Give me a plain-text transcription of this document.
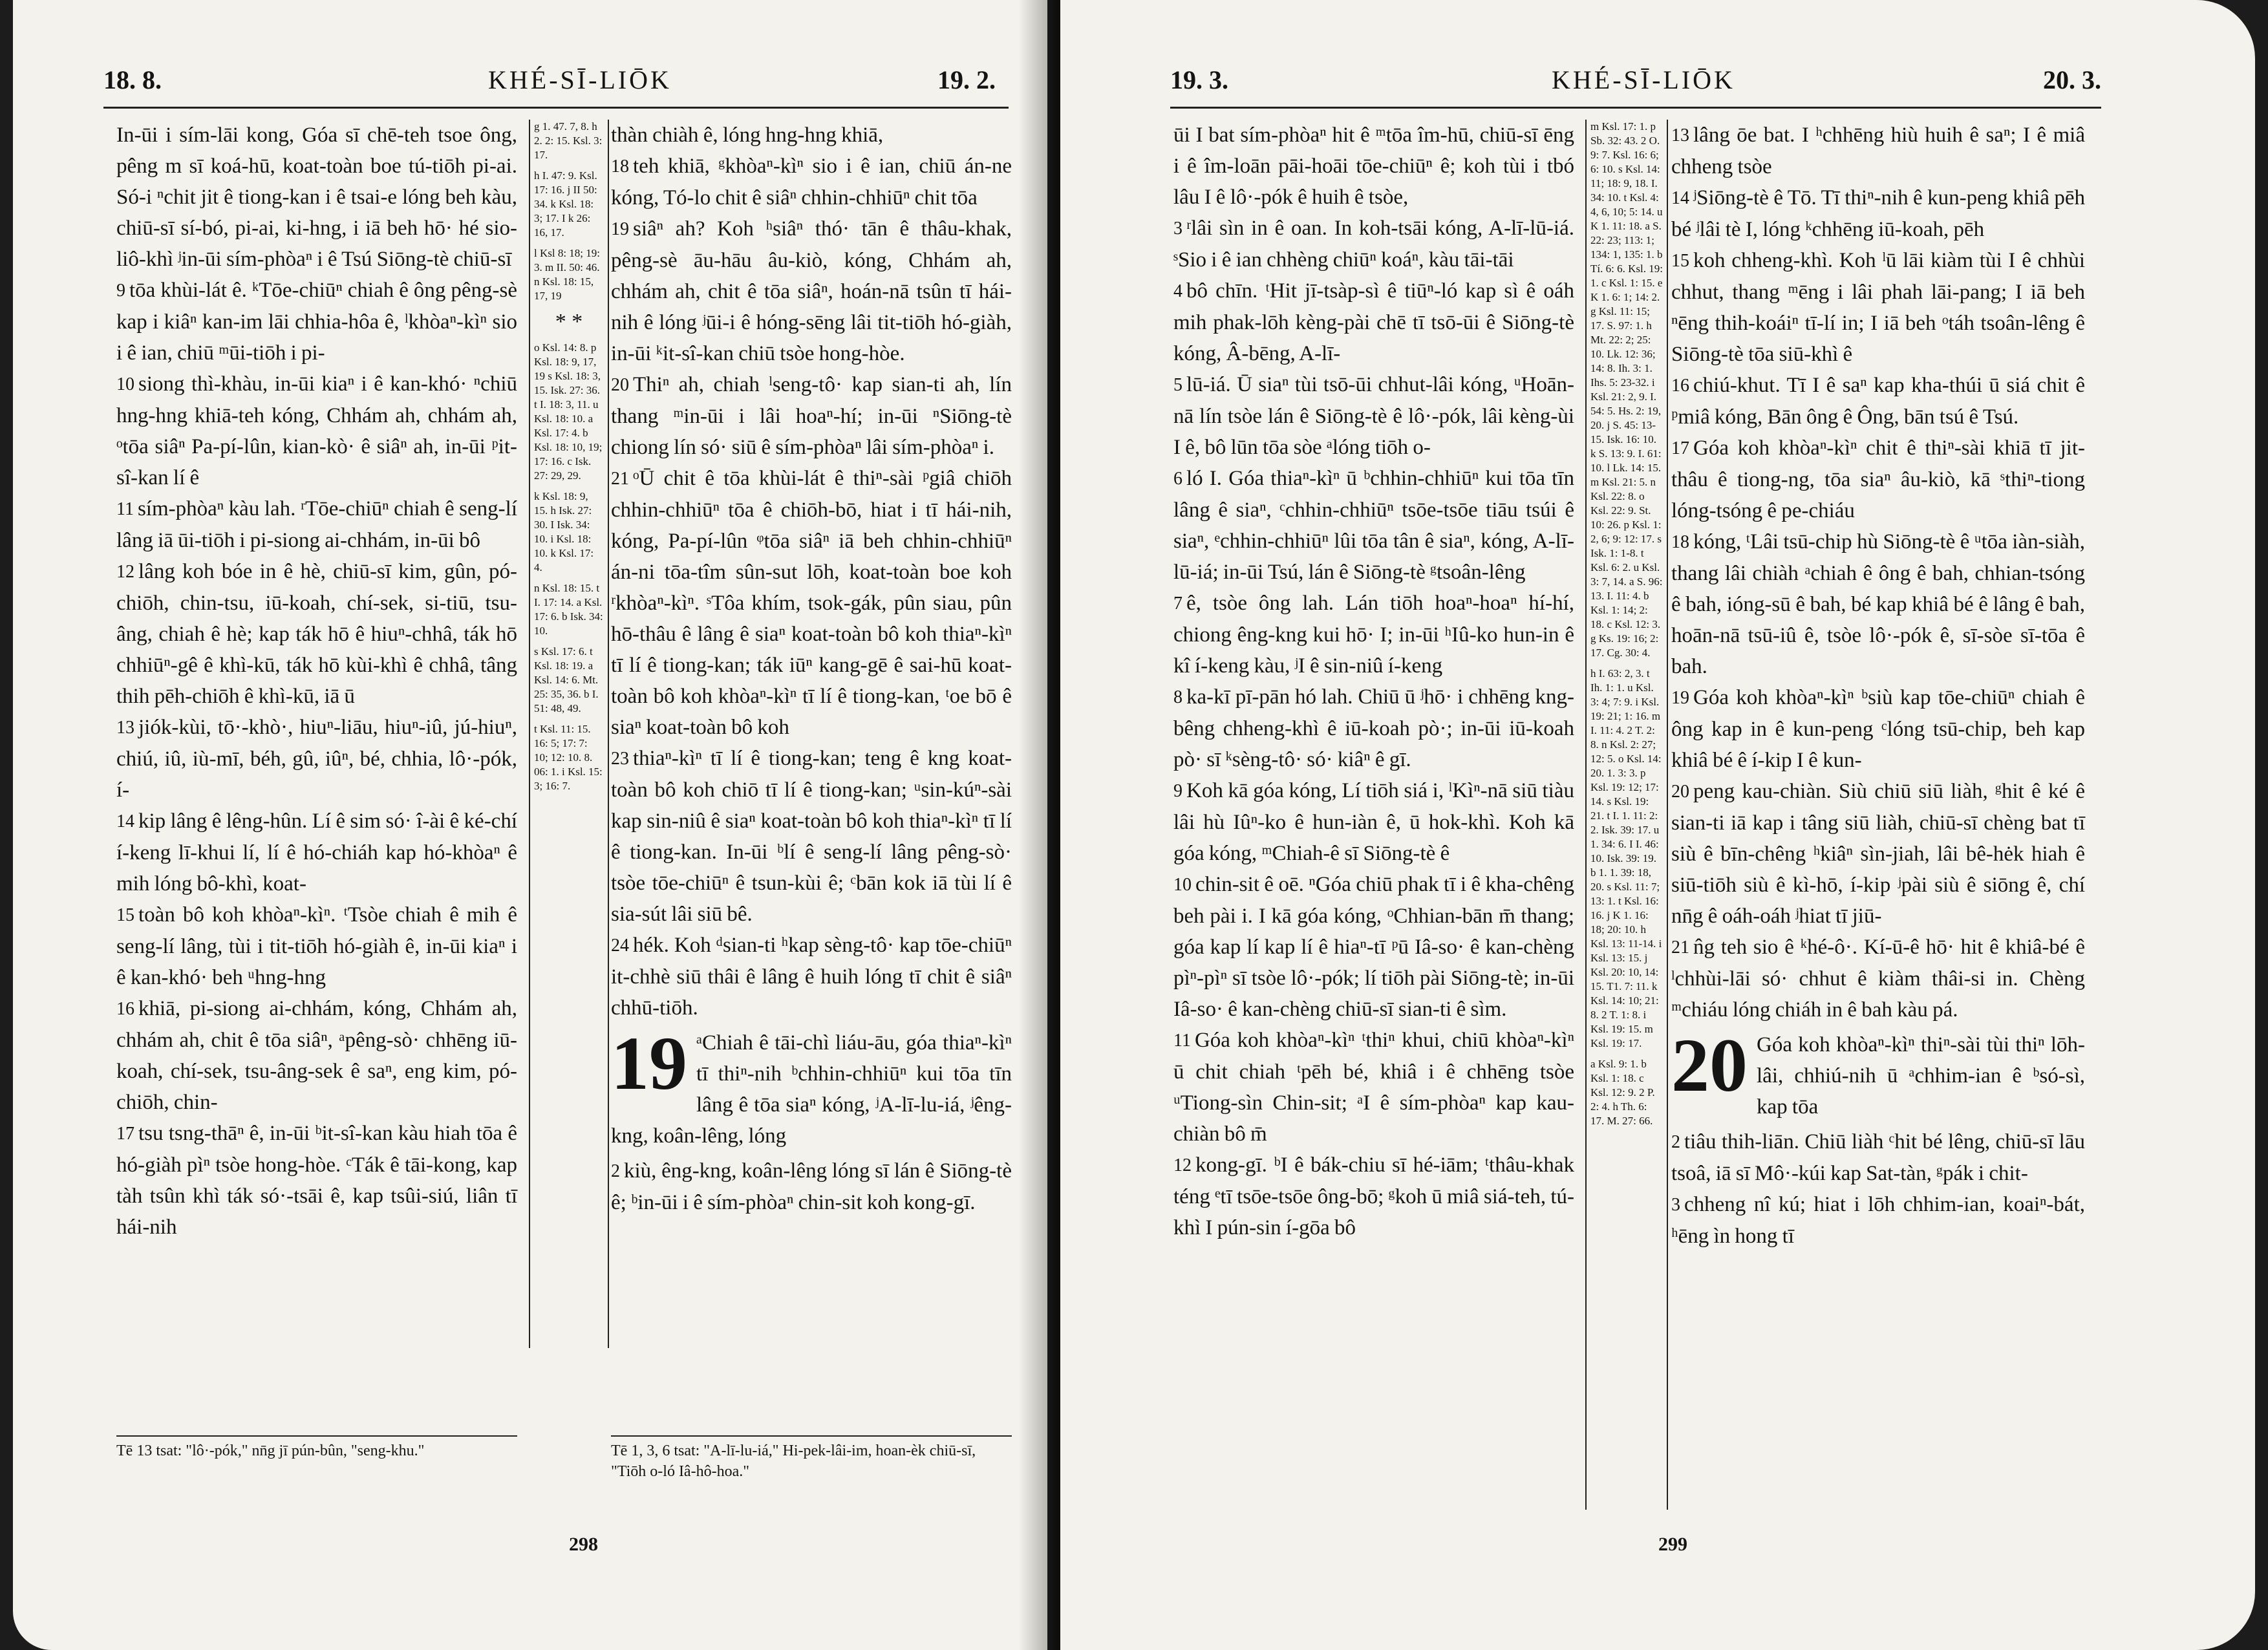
18. 8.	KHÉ-SĪ-LIŌK	19. 2.

In-ūi i sím-lāi kong, Góa sī chē-teh tsoe ông, pêng m sī koá-hū, koat-toàn boe tú-tiōh pi-ai. Só-i ⁿchit jit ê tiong-kan i ê tsai-e lóng beh kàu, chiū-sī sí-bó, pi-ai, ki-hng, i iā beh hō· hé sio-liô-khì ʲin-ūi sím-phòaⁿ i ê Tsú Siōng-tè chiū-sī

9 tōa khùi-lát ê. ᵏTōe-chiūⁿ chiah ê ông pêng-sè kap i kiâⁿ kan-im lāi chhia-hôa ê, ˡkhòaⁿ-kìⁿ sio i ê ian, chiū ᵐūi-tiōh i pi-

10 siong thì-khàu, in-ūi kiaⁿ i ê kan-khó· ⁿchiū hng-hng khiā-teh kóng, Chhám ah, chhám ah, ᵒtōa siâⁿ Pa-pí-lûn, kian-kò· ê siâⁿ ah, in-ūi ᵖit-sî-kan lí ê

11 sím-phòaⁿ kàu lah. ʳTōe-chiūⁿ chiah ê seng-lí lâng iā ūi-tiōh i pi-siong ai-chhám, in-ūi bô

12 lâng koh bóe in ê hè, chiū-sī kim, gûn, pó-chiōh, chin-tsu, iū-koah, chí-sek, si-tiū, tsu-âng, chiah ê hè; kap ták hō ê hiuⁿ-chhâ, ták hō chhiūⁿ-gê ê khì-kū, ták hō kùi-khì ê chhâ, tâng thih pēh-chiōh ê khì-kū, iā ū

13 jiók-kùi, tō·-khò·, hiuⁿ-liāu, hiuⁿ-iû, jú-hiuⁿ, chiú, iû, iù-mī, béh, gû, iûⁿ, bé, chhia, lô·-pók, í-

14 kip lâng ê lêng-hûn. Lí ê sim só· î-ài ê ké-chí í-keng lī-khui lí, lí ê hó-chiáh kap hó-khòaⁿ ê mih lóng bô-khì, koat-

15 toàn bô koh khòaⁿ-kìⁿ. ᵗTsòe chiah ê mih ê seng-lí lâng, tùi i tit-tiōh hó-giàh ê, in-ūi kiaⁿ i ê kan-khó· beh ᵘhng-hng

16 khiā, pi-siong ai-chhám, kóng, Chhám ah, chhám ah, chit ê tōa siâⁿ, ᵃpêng-sò· chhēng iū-koah, chí-sek, tsu-âng-sek ê saⁿ, eng kim, pó-chiōh, chin-

17 tsu tsng-thāⁿ ê, in-ūi ᵇit-sî-kan kàu hiah tōa ê hó-giàh pìⁿ tsòe hong-hòe. ᶜTák ê tāi-kong, kap tàh tsûn khì ták só·-tsāi ê, kap tsûi-siú, liân tī hái-nih

g 1. 47. 7, 8. h 2. 2: 15. Ksl. 3: 17.

h I. 47: 9. Ksl. 17: 16. j II 50: 34. k Ksl. 18: 3; 17. I k 26: 16, 17.

l Ksl 8: 18; 19: 3. m II. 50: 46. n Ksl. 18: 15, 17, 19

* *

o Ksl. 14: 8. p Ksl. 18: 9, 17, 19 s Ksl. 18: 3, 15. Isk. 27: 36. t I. 18: 3, 11. u Ksl. 18: 10. a Ksl. 17: 4. b Ksl. 18: 10, 19; 17: 16. c Isk. 27: 29, 29.

k Ksl. 18: 9, 15. h Isk. 27: 30. I Isk. 34: 10. i Ksl. 18: 10. k Ksl. 17: 4.

n Ksl. 18: 15. t I. 17: 14. a Ksl. 17: 6. b Isk. 34: 10.

s Ksl. 17: 6. t Ksl. 18: 19. a Ksl. 14: 6. Mt. 25: 35, 36. b I. 51: 48, 49.

t Ksl. 11: 15. 16: 5; 17: 7: 10; 12: 10. 8. 06: 1. i Ksl. 15: 3; 16: 7.

thàn chiàh ê, lóng hng-hng khiā,

18 teh khiā, ᵍkhòaⁿ-kìⁿ sio i ê ian, chiū án-ne kóng, Tó-lo chit ê siâⁿ chhin-chhiūⁿ chit tōa

19 siâⁿ ah? Koh ʰsiâⁿ thó· tān ê thâu-khak, pêng-sè āu-hāu âu-kiò, kóng, Chhám ah, chhám ah, chit ê tōa siâⁿ, hoán-nā tsûn tī hái-nih ê lóng ʲūi-i ê hóng-sēng lâi tit-tiōh hó-giàh, in-ūi ᵏit-sî-kan chiū tsòe hong-hòe.

20 Thiⁿ ah, chiah ˡseng-tô· kap sian-ti ah, lín thang ᵐin-ūi i lâi hoaⁿ-hí; in-ūi ⁿSiōng-tè chiong lín só· siū ê sím-phòaⁿ lâi sím-phòaⁿ i.

21 ᵒŪ chit ê tōa khùi-lát ê thiⁿ-sài ᵖgiâ chiōh chhin-chhiūⁿ tōa ê chiōh-bō, hiat i tī hái-nih, kóng, Pa-pí-lûn ᵠtōa siâⁿ iā beh chhin-chhiūⁿ án-ni tōa-tîm sûn-sut lōh, koat-toàn boe koh ʳkhòaⁿ-kìⁿ. ˢTôa khím, tsok-gák, pûn siau, pûn hō-thâu ê lâng ê siaⁿ koat-toàn bô koh thiaⁿ-kìⁿ tī lí ê tiong-kan; ták iūⁿ kang-gē ê sai-hū koat-toàn bô koh khòaⁿ-kìⁿ tī lí ê tiong-kan, ᵗoe bō ê siaⁿ koat-toàn bô koh

23 thiaⁿ-kìⁿ tī lí ê tiong-kan; teng ê kng koat-toàn bô koh chiō tī lí ê tiong-kan; ᵘsin-kúⁿ-sài kap sin-niû ê siaⁿ koat-toàn bô koh thiaⁿ-kìⁿ tī lí ê tiong-kan. In-ūi ᵇlí ê seng-lí lâng pêng-sò· tsòe tōe-chiūⁿ ê tsun-kùi ê; ᶜbān kok iā tùi lí ê sia-sút lâi siū bê.

24 hék. Koh ᵈsian-ti ʰkap sèng-tô· kap tōe-chiūⁿ it-chhè siū thâi ê lâng ê huih lóng tī chit ê siâⁿ chhū-tiōh.

19 ᵃChiah ê tāi-chì liáu-āu, góa thiaⁿ-kìⁿ tī thiⁿ-nih ᵇchhin-chhiūⁿ kui tōa tīn lâng ê tōa siaⁿ kóng, ʲA-lī-lu-iá, ʲêng-kng, koân-lêng, lóng

2 kiù, êng-kng, koân-lêng lóng sī lán ê Siōng-tè ê; ᵇin-ūi i ê sím-phòaⁿ chin-sit koh kong-gī.

Tē 13 tsat: "lô·-pók," nn̄g jī pún-bûn, "seng-khu."	Tē 1, 3, 6 tsat: "A-lī-lu-iá," Hi-pek-lâi-im, hoan-èk chiū-sī, "Tiōh o-ló Iâ-hô-hoa."
298
19. 3.	KHÉ-SĪ-LIŌK	20. 3.

ūi I bat sím-phòaⁿ hit ê ᵐtōa îm-hū, chiū-sī ēng i ê îm-loān pāi-hoāi tōe-chiūⁿ ê; koh tùi i tbó lâu I ê lô·-pók ê huih ê tsòe,

3 ʳlâi sìn in ê oan. In koh-tsāi kóng, A-lī-lū-iá. ˢSio i ê ian chhèng chiūⁿ koáⁿ, kàu tāi-tāi

4 bô chīn. ᵗHit jī-tsàp-sì ê tiūⁿ-ló kap sì ê oáh mih phak-lōh kèng-pài chē tī tsō-ūi ê Siōng-tè kóng, Â-bēng, A-lī-

5 lū-iá. Ū siaⁿ tùi tsō-ūi chhut-lâi kóng, ᵘHoān-nā lín tsòe lán ê Siōng-tè ê lô·-pók, lâi kèng-ùi I ê, bô lūn tōa sòe ᵃlóng tiōh o-

6 ló I. Góa thiaⁿ-kìⁿ ū ᵇchhin-chhiūⁿ kui tōa tīn lâng ê siaⁿ, ᶜchhin-chhiūⁿ tsōe-tsōe tiāu tsúi ê siaⁿ, ᵉchhin-chhiūⁿ lûi tōa tân ê siaⁿ, kóng, A-lī-lū-iá; in-ūi Tsú, lán ê Siōng-tè ᵍtsoân-lêng

7 ê, tsòe ông lah. Lán tiōh hoaⁿ-hoaⁿ hí-hí, chiong êng-kng kui hō· I; in-ūi ʰIû-ko hun-in ê kî í-keng kàu, ʲI ê sin-niû í-keng

8 ka-kī pī-pān hó lah. Chiū ū ʲhō· i chhēng kng-bêng chheng-khì ê iū-koah pò·; in-ūi iū-koah pò· sī ᵏsèng-tô· só· kiâⁿ ê gī.

9 Koh kā góa kóng, Lí tiōh siá i, ˡKìⁿ-nā siū tiàu lâi hù Iûⁿ-ko ê hun-iàn ê, ū hok-khì. Koh kā góa kóng, ᵐChiah-ê sī Siōng-tè ê

10 chin-sit ê oē. ⁿGóa chiū phak tī i ê kha-chêng beh pài i. I kā góa kóng, ᵒChhian-bān m̄ thang; góa kap lí kap lí ê hiaⁿ-tī ᵖū Iâ-so· ê kan-chèng pìⁿ-pìⁿ sī tsòe lô·-pók; lí tiōh pài Siōng-tè; in-ūi Iâ-so· ê kan-chèng chiū-sī sian-ti ê sìm.

11 Góa koh khòaⁿ-kìⁿ ᵗthiⁿ khui, chiū khòaⁿ-kìⁿ ū chit chiah ᵗpēh bé, khiâ i ê chhēng tsòe ᵘTiong-sìn Chin-sit; ᵃI ê sím-phòaⁿ kap kau-chiàn bô m̄

12 kong-gī. ᵇI ê bák-chiu sī hé-iām; ᵗthâu-khak téng ᵉtī tsōe-tsōe ông-bō; ᵍkoh ū miâ siá-teh, tú-khì I pún-sin í-gōa bô

m Ksl. 17: 1. p Sb. 32: 43. 2 O. 9: 7. Ksl. 16: 6; 6: 10. s Ksl. 14: 11; 18: 9, 18. I. 34: 10. t Ksl. 4: 4, 6, 10; 5: 14. u K 1. 11: 18. a S. 22: 23; 113: 1; 134: 1, 135: 1. b Tí. 6: 6. Ksl. 19: 1. c Ksl. 1: 15. e K 1. 6: 1; 14: 2. g Ksl. 11: 15; 17. S. 97: 1. h Mt. 22: 2; 25: 10. Lk. 12: 36; 14: 8. Ih. 3: 1. Ihs. 5: 23-32. i Ksl. 21: 2, 9. I. 54: 5. Hs. 2: 19, 20. j S. 45: 13-15. Isk. 16: 10. k S. 13: 9. I. 61: 10. l Lk. 14: 15. m Ksl. 21: 5. n Ksl. 22: 8. o Ksl. 22: 9. St. 10: 26. p Ksl. 1: 2, 6; 9: 12: 17. s Isk. 1: 1-8. t Ksl. 6: 2. u Ksl. 3: 7, 14. a S. 96: 13. I. 11: 4. b Ksl. 1: 14; 2: 18. c Ksl. 12: 3. g Ks. 19: 16; 2: 17. Cg. 30: 4.

h I. 63: 2, 3. t Ih. 1: 1. u Ksl. 3: 4; 7: 9. i Ksl. 19: 21; 1: 16. m I. 11: 4. 2 T. 2: 8. n Ksl. 2: 27; 12: 5. o Ksl. 14: 20. 1. 3: 3. p Ksl. 19: 12; 17: 14. s Ksl. 19: 21. t I. 1. 11: 2: 2. Isk. 39: 17. u 1. 34: 6. I I. 46: 10. Isk. 39: 19. b 1. 1. 39: 18, 20. s Ksl. 11: 7; 13: 1. t Ksl. 16: 16. j K 1. 16: 18; 20: 10. h Ksl. 13: 11-14. i Ksl. 13: 15. j Ksl. 20: 10, 14: 15. T1. 7: 11. k Ksl. 14: 10; 21: 8. 2 T. 1: 8. i Ksl. 19: 15. m Ksl. 19: 17.

a Ksl. 9: 1. b Ksl. 1: 18. c Ksl. 12: 9. 2 P. 2: 4. h Th. 6: 17. M. 27: 66.

13 lâng ōe bat. I ʰchhēng hiù huih ê saⁿ; I ê miâ chheng tsòe

14 ʲSiōng-tè ê Tō. Tī thiⁿ-nih ê kun-peng khiâ pēh bé ʲlâi tè I, lóng ᵏchhēng iū-koah, pēh

15 koh chheng-khì. Koh ˡū lāi kiàm tùi I ê chhùi chhut, thang ᵐēng i lâi phah lāi-pang; I iā beh ⁿēng thih-koáiⁿ tī-lí in; I iā beh ᵒtáh tsoân-lêng ê Siōng-tè tōa siū-khì ê

16 chiú-khut. Tī I ê saⁿ kap kha-thúi ū siá chit ê ᵖmiâ kóng, Bān ông ê Ông, bān tsú ê Tsú.

17 Góa koh khòaⁿ-kìⁿ chit ê thiⁿ-sài khiā tī jit-thâu ê tiong-ng, tōa siaⁿ âu-kiò, kā ˢthiⁿ-tiong lóng-tsóng ê pe-chiáu

18 kóng, ᵗLâi tsū-chip hù Siōng-tè ê ᵘtōa iàn-siàh, thang lâi chiàh ᵃchiah ê ông ê bah, chhian-tsóng ê bah, ióng-sū ê bah, bé kap khiâ bé ê lâng ê bah, hoān-nā tsū-iû ê, tsòe lô·-pók ê, sī-sòe sī-tōa ê bah.

19 Góa koh khòaⁿ-kìⁿ ᵇsiù kap tōe-chiūⁿ chiah ê ông kap in ê kun-peng ᶜlóng tsū-chip, beh kap khiâ bé ê í-kip I ê kun-

20 peng kau-chiàn. Siù chiū siū liàh, ᵍhit ê ké ê sian-ti iā kap i tâng siū liàh, chiū-sī chèng bat tī siù ê bīn-chêng ʰkiâⁿ sìn-jiah, lâi bê-hėk hiah ê siū-tiōh siù ê kì-hō, í-kip ʲpài siù ê siōng ê, chí nn̄g ê oáh-oáh ʲhiat tī jiū-

21 n̂g teh sio ê ᵏhé-ô·. Kí-ū-ê hō· hit ê khiâ-bé ê ˡchhùi-lāi só· chhut ê kiàm thâi-si in. Chèng ᵐchiáu lóng chiáh in ê bah kàu pá.

20 Góa koh khòaⁿ-kìⁿ thiⁿ-sài tùi thiⁿ lōh-lâi, chhiú-nih ū ᵃchhim-ian ê ᵇsó-sì, kap tōa

2 tiâu thih-liān. Chiū liàh ᶜhit bé lêng, chiū-sī lāu tsoâ, iā sī Mô·-kúi kap Sat-tàn, ᵍpák i chit-

3 chheng nî kú; hiat i lōh chhim-ian, koaiⁿ-bát, ʰēng ìn hong tī

299
